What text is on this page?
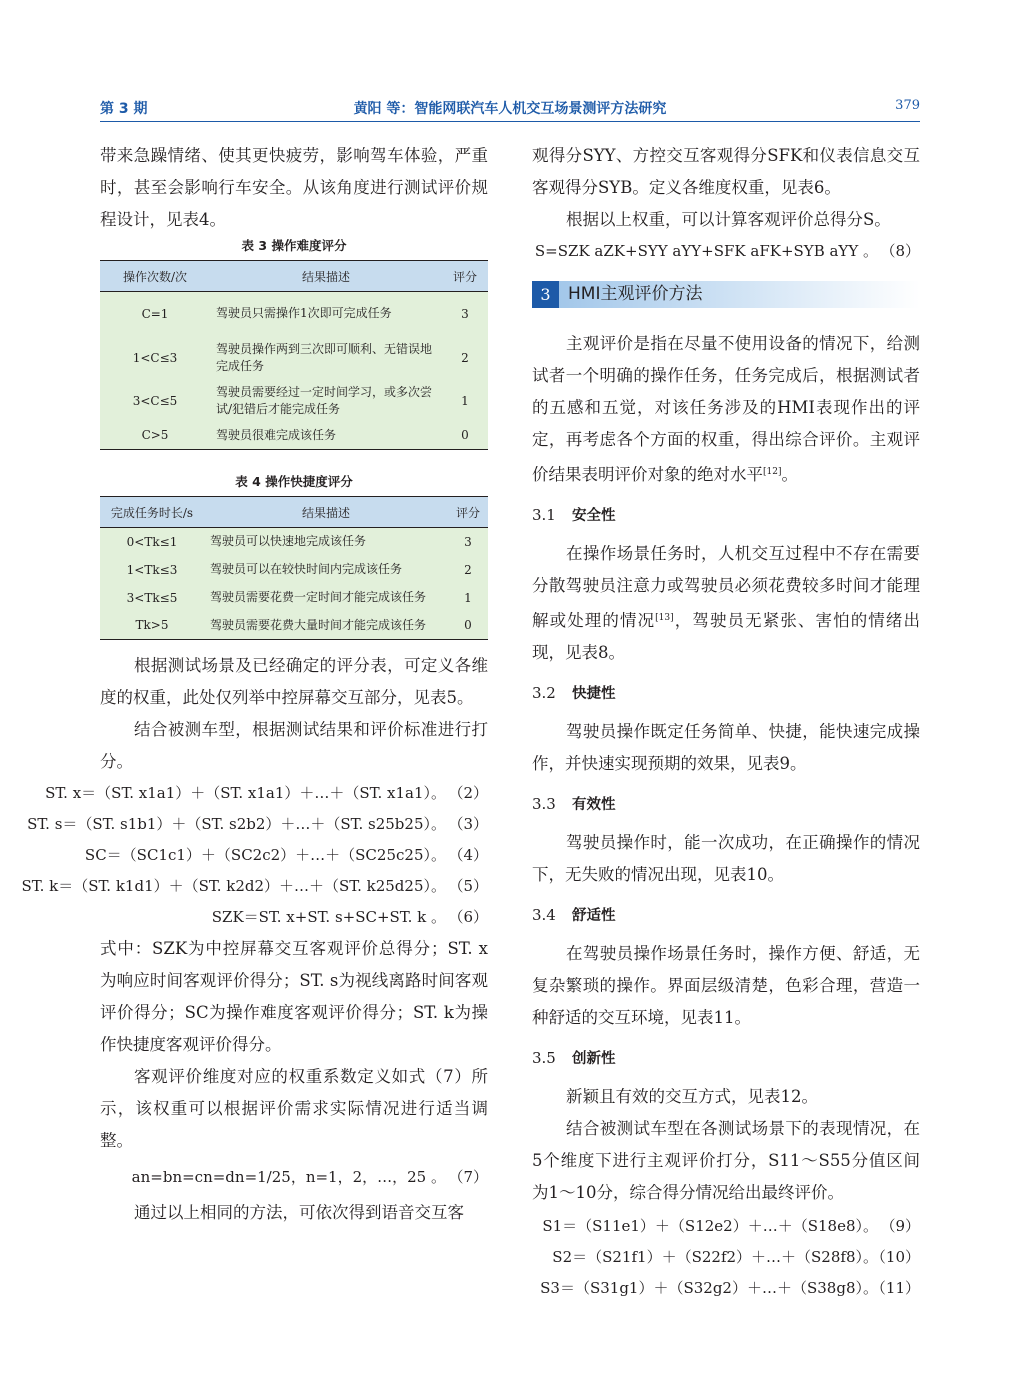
第 3 期	黄阳 等：智能网联汽车人机交互场景测评方法研究	379

带来急躁情绪、使其更快疲劳，影响驾车体验，严重时，甚至会影响行车安全。从该角度进行测试评价规程设计，见表4。

表 3 操作难度评分

操作次数/次	结果描述	评分
C=1	驾驶员只需操作1次即可完成任务	3
1<C≤3	驾驶员操作两到三次即可顺利、无错误地完成任务	2
3<C≤5	驾驶员需要经过一定时间学习，或多次尝试/犯错后才能完成任务	1
C>5	驾驶员很难完成该任务	0

表 4 操作快捷度评分

完成任务时长/s	结果描述	评分
0<Tk≤1	驾驶员可以快速地完成该任务	3
1<Tk≤3	驾驶员可以在较快时间内完成该任务	2
3<Tk≤5	驾驶员需要花费一定时间才能完成该任务	1
Tk>5	驾驶员需要花费大量时间才能完成该任务	0

根据测试场景及已经确定的评分表，可定义各维度的权重，此处仅列举中控屏幕交互部分，见表5。

结合被测车型，根据测试结果和评价标准进行打分。

ST. x＝（ST. x1a1）＋（ST. x1a1）＋…＋（ST. x1a1）。 （2）
ST. s＝（ST. s1b1）＋（ST. s2b2）＋…＋（ST. s25b25）。 （3）
SC＝（SC1c1）＋（SC2c2）＋…＋（SC25c25）。 （4）
ST. k＝（ST. k1d1）＋（ST. k2d2）＋…＋（ST. k25d25）。 （5）
SZK＝ST. x+ST. s+SC+ST. k 。 （6）

式中：SZK为中控屏幕交互客观评价总得分；ST. x为响应时间客观评价得分；ST. s为视线离路时间客观评价得分；SC为操作难度客观评价得分；ST. k为操作快捷度客观评价得分。

客观评价维度对应的权重系数定义如式（7）所示，该权重可以根据评价需求实际情况进行适当调整。

an=bn=cn=dn=1/25，n=1，2，…，25 。 （7）

通过以上相同的方法，可依次得到语音交互客

观得分SYY、方控交互客观得分SFK和仪表信息交互客观得分SYB。定义各维度权重，见表6。

根据以上权重，可以计算客观评价总得分S。

S=SZK aZK+SYY aYY+SFK aFK+SYB aYY 。 （8）
3	HMI主观评价方法

主观评价是指在尽量不使用设备的情况下，给测试者一个明确的操作任务，任务完成后，根据测试者的五感和五觉，对该任务涉及的HMI表现作出的评定，再考虑各个方面的权重，得出综合评价。主观评价结果表明评价对象的绝对水平[12]。

3.1 安全性

在操作场景任务时，人机交互过程中不存在需要分散驾驶员注意力或驾驶员必须花费较多时间才能理解或处理的情况[13]，驾驶员无紧张、害怕的情绪出现，见表8。

3.2 快捷性

驾驶员操作既定任务简单、快捷，能快速完成操作，并快速实现预期的效果，见表9。

3.3 有效性

驾驶员操作时，能一次成功，在正确操作的情况下，无失败的情况出现，见表10。

3.4 舒适性

在驾驶员操作场景任务时，操作方便、舒适，无复杂繁琐的操作。界面层级清楚，色彩合理，营造一种舒适的交互环境，见表11。

3.5 创新性

新颖且有效的交互方式，见表12。

结合被测试车型在各测试场景下的表现情况，在5个维度下进行主观评价打分，S11～S55分值区间为1～10分，综合得分情况给出最终评价。

S1＝（S11e1）＋（S12e2）＋…＋（S18e8）。 （9）
S2＝（S21f1）＋（S22f2）＋…＋（S28f8）。
（10）
S3＝（S31g1）＋（S32g2）＋…＋（S38g8）。
（11）
